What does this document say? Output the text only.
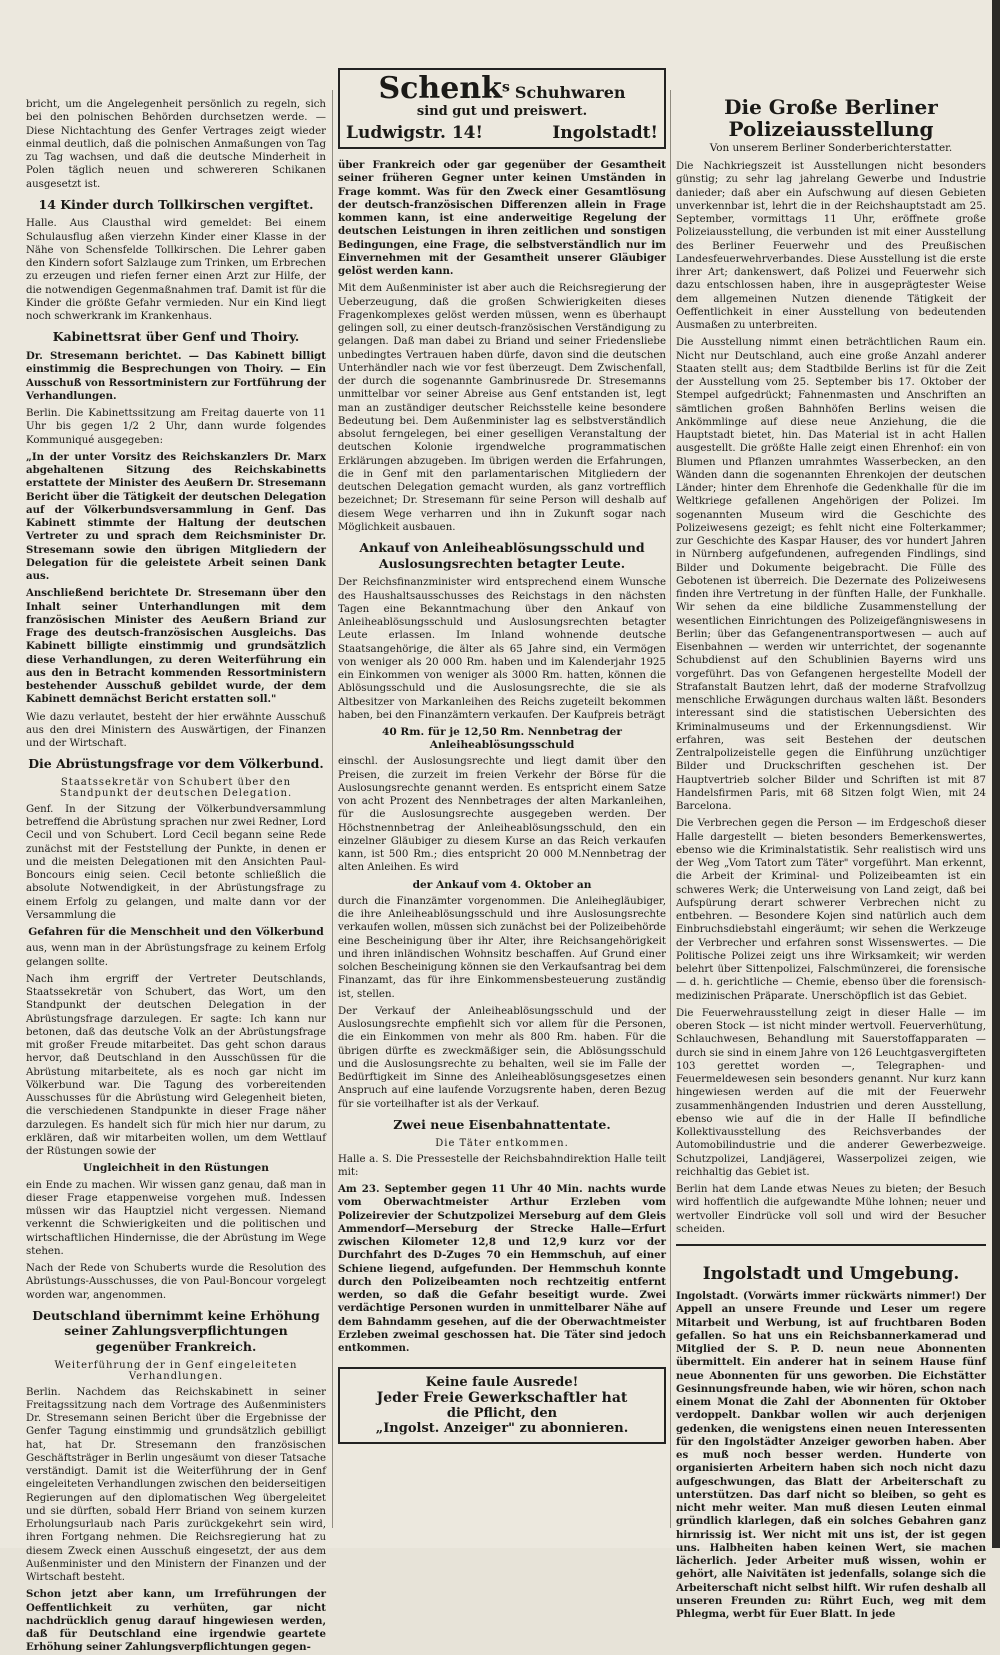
bricht, um die Angelegenheit persönlich zu regeln, sich bei den polnischen Behörden durchsetzen werde. — Diese Nichtachtung des Genfer Vertrages zeigt wieder einmal deutlich, daß die polnischen Anmaßungen von Tag zu Tag wachsen, und daß die deutsche Minderheit in Polen täglich neuen und schwereren Schikanen ausgesetzt ist.

14 Kinder durch Tollkirschen vergiftet.

Halle. Aus Clausthal wird gemeldet: Bei einem Schulausflug aßen vierzehn Kinder einer Klasse in der Nähe von Schensfelde Tollkirschen. Die Lehrer gaben den Kindern sofort Salzlauge zum Trinken, um Erbrechen zu erzeugen und riefen ferner einen Arzt zur Hilfe, der die notwendigen Gegenmaßnahmen traf. Damit ist für die Kinder die größte Gefahr vermieden. Nur ein Kind liegt noch schwerkrank im Krankenhaus.

Kabinettsrat über Genf und Thoiry.

Dr. Stresemann berichtet. — Das Kabinett billigt einstimmig die Besprechungen von Thoiry. — Ein Ausschuß von Ressortministern zur Fortführung der Verhandlungen.

Berlin. Die Kabinettssitzung am Freitag dauerte von 11 Uhr bis gegen 1/2 2 Uhr, dann wurde folgendes Kommuniqué ausgegeben:

„In der unter Vorsitz des Reichskanzlers Dr. Marx abgehaltenen Sitzung des Reichskabinetts erstattete der Minister des Aeußern Dr. Stresemann Bericht über die Tätigkeit der deutschen Delegation auf der Völkerbundsversammlung in Genf. Das Kabinett stimmte der Haltung der deutschen Vertreter zu und sprach dem Reichsminister Dr. Stresemann sowie den übrigen Mitgliedern der Delegation für die geleistete Arbeit seinen Dank aus.

Anschließend berichtete Dr. Stresemann über den Inhalt seiner Unterhandlungen mit dem französischen Minister des Aeußern Briand zur Frage des deutsch-französischen Ausgleichs. Das Kabinett billigte einstimmig und grundsätzlich diese Verhandlungen, zu deren Weiterführung ein aus den in Betracht kommenden Ressortministern bestehender Ausschuß gebildet wurde, der dem Kabinett demnächst Bericht erstatten soll."

Wie dazu verlautet, besteht der hier erwähnte Ausschuß aus den drei Ministern des Auswärtigen, der Finanzen und der Wirtschaft.

Die Abrüstungsfrage vor dem Völkerbund.

Staatssekretär von Schubert über den Standpunkt der deutschen Delegation.

Genf. In der Sitzung der Völkerbundversammlung betreffend die Abrüstung sprachen nur zwei Redner, Lord Cecil und von Schubert. Lord Cecil begann seine Rede zunächst mit der Feststellung der Punkte, in denen er und die meisten Delegationen mit den Ansichten Paul-Boncours einig seien. Cecil betonte schließlich die absolute Notwendigkeit, in der Abrüstungsfrage zu einem Erfolg zu gelangen, und malte dann vor der Versammlung die

Gefahren für die Menschheit und den Völkerbund

aus, wenn man in der Abrüstungsfrage zu keinem Erfolg gelangen sollte.

Nach ihm ergriff der Vertreter Deutschlands, Staatssekretär von Schubert, das Wort, um den Standpunkt der deutschen Delegation in der Abrüstungsfrage darzulegen. Er sagte: Ich kann nur betonen, daß das deutsche Volk an der Abrüstungsfrage mit großer Freude mitarbeitet. Das geht schon daraus hervor, daß Deutschland in den Ausschüssen für die Abrüstung mitarbeitete, als es noch gar nicht im Völkerbund war. Die Tagung des vorbereitenden Ausschusses für die Abrüstung wird Gelegenheit bieten, die verschiedenen Standpunkte in dieser Frage näher darzulegen. Es handelt sich für mich hier nur darum, zu erklären, daß wir mitarbeiten wollen, um dem Wettlauf der Rüstungen sowie der

Ungleichheit in den Rüstungen

ein Ende zu machen. Wir wissen ganz genau, daß man in dieser Frage etappenweise vorgehen muß. Indessen müssen wir das Hauptziel nicht vergessen. Niemand verkennt die Schwierigkeiten und die politischen und wirtschaftlichen Hindernisse, die der Abrüstung im Wege stehen.

Nach der Rede von Schuberts wurde die Resolution des Abrüstungs-Ausschusses, die von Paul-Boncour vorgelegt worden war, angenommen.

Deutschland übernimmt keine Erhöhung seiner Zahlungsverpflichtungen gegenüber Frankreich.

Weiterführung der in Genf eingeleiteten Verhandlungen.

Berlin. Nachdem das Reichskabinett in seiner Freitagssitzung nach dem Vortrage des Außenministers Dr. Stresemann seinen Bericht über die Ergebnisse der Genfer Tagung einstimmig und grundsätzlich gebilligt hat, hat Dr. Stresemann den französischen Geschäftsträger in Berlin ungesäumt von dieser Tatsache verständigt. Damit ist die Weiterführung der in Genf eingeleiteten Verhandlungen zwischen den beiderseitigen Regierungen auf den diplomatischen Weg übergeleitet und sie dürften, sobald Herr Briand von seinem kurzen Erholungsurlaub nach Paris zurückgekehrt sein wird, ihren Fortgang nehmen. Die Reichsregierung hat zu diesem Zweck einen Ausschuß eingesetzt, der aus dem Außenminister und den Ministern der Finanzen und der Wirtschaft besteht.

Schon jetzt aber kann, um Irreführungen der Oeffentlichkeit zu verhüten, gar nicht nachdrücklich genug darauf hingewiesen werden, daß für Deutschland eine irgendwie geartete Erhöhung seiner Zahlungsverpflichtungen gegen-

Schenk$^s$ Schuhwaren
sind gut und preiswert.
Ludwigstr. 14!	Ingolstadt!

über Frankreich oder gar gegenüber der Gesamtheit seiner früheren Gegner unter keinen Umständen in Frage kommt. Was für den Zweck einer Gesamtlösung der deutsch-französischen Differenzen allein in Frage kommen kann, ist eine anderweitige Regelung der deutschen Leistungen in ihren zeitlichen und sonstigen Bedingungen, eine Frage, die selbstverständlich nur im Einvernehmen mit der Gesamtheit unserer Gläubiger gelöst werden kann.

Mit dem Außenminister ist aber auch die Reichsregierung der Ueberzeugung, daß die großen Schwierigkeiten dieses Fragenkomplexes gelöst werden müssen, wenn es überhaupt gelingen soll, zu einer deutsch-französischen Verständigung zu gelangen. Daß man dabei zu Briand und seiner Friedensliebe unbedingtes Vertrauen haben dürfe, davon sind die deutschen Unterhändler nach wie vor fest überzeugt. Dem Zwischenfall, der durch die sogenannte Gambrinusrede Dr. Stresemanns unmittelbar vor seiner Abreise aus Genf entstanden ist, legt man an zuständiger deutscher Reichsstelle keine besondere Bedeutung bei. Dem Außenminister lag es selbstverständlich absolut ferngelegen, bei einer geselligen Veranstaltung der deutschen Kolonie irgendwelche programmatischen Erklärungen abzugeben. Im übrigen werden die Erfahrungen, die in Genf mit den parlamentarischen Mitgliedern der deutschen Delegation gemacht wurden, als ganz vortrefflich bezeichnet; Dr. Stresemann für seine Person will deshalb auf diesem Wege verharren und ihn in Zukunft sogar nach Möglichkeit ausbauen.

Ankauf von Anleiheablösungsschuld und Auslosungsrechten betagter Leute.

Der Reichsfinanzminister wird entsprechend einem Wunsche des Haushaltsausschusses des Reichstags in den nächsten Tagen eine Bekanntmachung über den Ankauf von Anleiheablösungsschuld und Auslosungsrechten betagter Leute erlassen. Im Inland wohnende deutsche Staatsangehörige, die älter als 65 Jahre sind, ein Vermögen von weniger als 20 000 Rm. haben und im Kalenderjahr 1925 ein Einkommen von weniger als 3000 Rm. hatten, können die Ablösungsschuld und die Auslosungsrechte, die sie als Altbesitzer von Markanleihen des Reichs zugeteilt bekommen haben, bei den Finanzämtern verkaufen. Der Kaufpreis beträgt

40 Rm. für je 12,50 Rm. Nennbetrag der Anleiheablösungsschuld

einschl. der Auslosungsrechte und liegt damit über den Preisen, die zurzeit im freien Verkehr der Börse für die Auslosungsrechte genannt werden. Es entspricht einem Satze von acht Prozent des Nennbetrages der alten Markanleihen, für die Auslosungsrechte ausgegeben werden. Der Höchstnennbetrag der Anleiheablösungsschuld, den ein einzelner Gläubiger zu diesem Kurse an das Reich verkaufen kann, ist 500 Rm.; dies entspricht 20 000 M.Nennbetrag der alten Anleihen. Es wird

der Ankauf vom 4. Oktober an

durch die Finanzämter vorgenommen. Die Anleihegläubiger, die ihre Anleiheablösungsschuld und ihre Auslosungsrechte verkaufen wollen, müssen sich zunächst bei der Polizeibehörde eine Bescheinigung über ihr Alter, ihre Reichsangehörigkeit und ihren inländischen Wohnsitz beschaffen. Auf Grund einer solchen Bescheinigung können sie den Verkaufsantrag bei dem Finanzamt, das für ihre Einkommensbesteuerung zuständig ist, stellen.

Der Verkauf der Anleiheablösungsschuld und der Auslosungsrechte empfiehlt sich vor allem für die Personen, die ein Einkommen von mehr als 800 Rm. haben. Für die übrigen dürfte es zweckmäßiger sein, die Ablösungsschuld und die Auslosungsrechte zu behalten, weil sie im Falle der Bedürftigkeit im Sinne des Anleiheablösungsgesetzes einen Anspruch auf eine laufende Vorzugsrente haben, deren Bezug für sie vorteilhafter ist als der Verkauf.

Zwei neue Eisenbahnattentate.

Die Täter entkommen.

Halle a. S. Die Pressestelle der Reichsbahndirektion Halle teilt mit:

Am 23. September gegen 11 Uhr 40 Min. nachts wurde vom Oberwachtmeister Arthur Erzleben vom Polizeirevier der Schutzpolizei Merseburg auf dem Gleis Ammendorf—Merseburg der Strecke Halle—Erfurt zwischen Kilometer 12,8 und 12,9 kurz vor der Durchfahrt des D-Zuges 70 ein Hemmschuh, auf einer Schiene liegend, aufgefunden. Der Hemmschuh konnte durch den Polizeibeamten noch rechtzeitig entfernt werden, so daß die Gefahr beseitigt wurde. Zwei verdächtige Personen wurden in unmittelbarer Nähe auf dem Bahndamm gesehen, auf die der Oberwachtmeister Erzleben zweimal geschossen hat. Die Täter sind jedoch entkommen.

Keine faule Ausrede!
Jeder Freie Gewerkschaftler hat
die Pflicht, den
„Ingolst. Anzeiger" zu abonnieren.
Die Große Berliner Polizeiausstellung
Von unserem Berliner Sonderberichterstatter.

Die Nachkriegszeit ist Ausstellungen nicht besonders günstig; zu sehr lag jahrelang Gewerbe und Industrie danieder; daß aber ein Aufschwung auf diesen Gebieten unverkennbar ist, lehrt die in der Reichshauptstadt am 25. September, vormittags 11 Uhr, eröffnete große Polizeiausstellung, die verbunden ist mit einer Ausstellung des Berliner Feuerwehr und des Preußischen Landesfeuerwehrverbandes. Diese Ausstellung ist die erste ihrer Art; dankenswert, daß Polizei und Feuerwehr sich dazu entschlossen haben, ihre in ausgeprägtester Weise dem allgemeinen Nutzen dienende Tätigkeit der Oeffentlichkeit in einer Ausstellung von bedeutenden Ausmaßen zu unterbreiten.

Die Ausstellung nimmt einen beträchtlichen Raum ein. Nicht nur Deutschland, auch eine große Anzahl anderer Staaten stellt aus; dem Stadtbilde Berlins ist für die Zeit der Ausstellung vom 25. September bis 17. Oktober der Stempel aufgedrückt; Fahnenmasten und Anschriften an sämtlichen großen Bahnhöfen Berlins weisen die Ankömmlinge auf diese neue Anziehung, die die Hauptstadt bietet, hin. Das Material ist in acht Hallen ausgestellt. Die größte Halle zeigt einen Ehrenhof: ein von Blumen und Pflanzen umrahmtes Wasserbecken, an den Wänden dann die sogenannten Ehrenkojen der deutschen Länder; hinter dem Ehrenhofe die Gedenkhalle für die im Weltkriege gefallenen Angehörigen der Polizei. Im sogenannten Museum wird die Geschichte des Polizeiwesens gezeigt; es fehlt nicht eine Folterkammer; zur Geschichte des Kaspar Hauser, des vor hundert Jahren in Nürnberg aufgefundenen, aufregenden Findlings, sind Bilder und Dokumente beigebracht. Die Fülle des Gebotenen ist überreich. Die Dezernate des Polizeiwesens finden ihre Vertretung in der fünften Halle, der Funkhalle. Wir sehen da eine bildliche Zusammenstellung der wesentlichen Einrichtungen des Polizeigefängniswesens in Berlin; über das Gefangenentransportwesen — auch auf Eisenbahnen — werden wir unterrichtet, der sogenannte Schubdienst auf den Schublinien Bayerns wird uns vorgeführt. Das von Gefangenen hergestellte Modell der Strafanstalt Bautzen lehrt, daß der moderne Strafvollzug menschliche Erwägungen durchaus walten läßt. Besonders interessant sind die statistischen Uebersichten des Kriminalmuseums und der Erkennungsdienst. Wir erfahren, was seit Bestehen der deutschen Zentralpolizeistelle gegen die Einführung unzüchtiger Bilder und Druckschriften geschehen ist. Der Hauptvertrieb solcher Bilder und Schriften ist mit 87 Handelsfirmen Paris, mit 68 Sitzen folgt Wien, mit 24 Barcelona.

Die Verbrechen gegen die Person — im Erdgeschoß dieser Halle dargestellt — bieten besonders Bemerkenswertes, ebenso wie die Kriminalstatistik. Sehr realistisch wird uns der Weg „Vom Tatort zum Täter" vorgeführt. Man erkennt, die Arbeit der Kriminal- und Polizeibeamten ist ein schweres Werk; die Unterweisung von Land zeigt, daß bei Aufspürung derart schwerer Verbrechen nicht zu entbehren. — Besondere Kojen sind natürlich auch dem Einbruchsdiebstahl eingeräumt; wir sehen die Werkzeuge der Verbrecher und erfahren sonst Wissenswertes. — Die Politische Polizei zeigt uns ihre Wirksamkeit; wir werden belehrt über Sittenpolizei, Falschmünzerei, die forensische — d. h. gerichtliche — Chemie, ebenso über die forensisch-medizinischen Präparate. Unerschöpflich ist das Gebiet.

Die Feuerwehrausstellung zeigt in dieser Halle — im oberen Stock — ist nicht minder wertvoll. Feuerverhütung, Schlauchwesen, Behandlung mit Sauerstoffapparaten — durch sie sind in einem Jahre von 126 Leuchtgasvergifteten 103 gerettet worden —, Telegraphen- und Feuermeldewesen sein besonders genannt. Nur kurz kann hingewiesen werden auf die mit der Feuerwehr zusammenhängenden Industrien und deren Ausstellung, ebenso wie auf die in der Halle II befindliche Kollektivausstellung des Reichsverbandes der Automobilindustrie und die anderer Gewerbezweige. Schutzpolizei, Landjägerei, Wasserpolizei zeigen, wie reichhaltig das Gebiet ist.

Berlin hat dem Lande etwas Neues zu bieten; der Besuch wird hoffentlich die aufgewandte Mühe lohnen; neuer und wertvoller Eindrücke voll soll und wird der Besucher scheiden.

Ingolstadt und Umgebung.

Ingolstadt. (Vorwärts immer rückwärts nimmer!) Der Appell an unsere Freunde und Leser um regere Mitarbeit und Werbung, ist auf fruchtbaren Boden gefallen. So hat uns ein Reichsbannerkamerad und Mitglied der S. P. D. neun neue Abonnenten übermittelt. Ein anderer hat in seinem Hause fünf neue Abonnenten für uns geworben. Die Eichstätter Gesinnungsfreunde haben, wie wir hören, schon nach einem Monat die Zahl der Abonnenten für Oktober verdoppelt. Dankbar wollen wir auch derjenigen gedenken, die wenigstens einen neuen Interessenten für den Ingolstädter Anzeiger geworben haben. Aber es muß noch besser werden. Hunderte von organisierten Arbeitern haben sich noch nicht dazu aufgeschwungen, das Blatt der Arbeiterschaft zu unterstützen. Das darf nicht so bleiben, so geht es nicht mehr weiter. Man muß diesen Leuten einmal gründlich klarlegen, daß ein solches Gebahren ganz hirnrissig ist. Wer nicht mit uns ist, der ist gegen uns. Halbheiten haben keinen Wert, sie machen lächerlich. Jeder Arbeiter muß wissen, wohin er gehört, alle Naivitäten ist jedenfalls, solange sich die Arbeiterschaft nicht selbst hilft. Wir rufen deshalb all unseren Freunden zu: Rührt Euch, weg mit dem Phlegma, werbt für Euer Blatt. In jede
